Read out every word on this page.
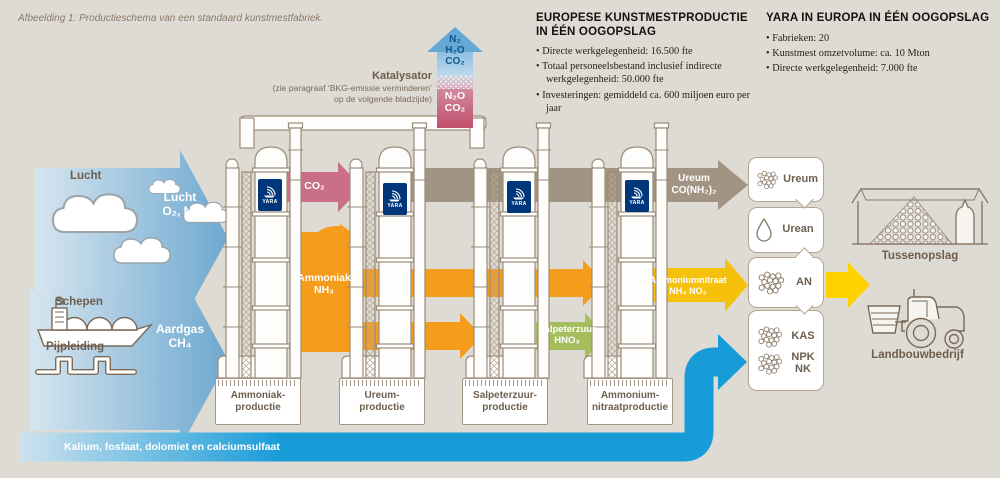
Afbeelding 1: Productieschema van een standaard kunstmestfabriek.	EUROPESE KUNSTMESTPRODUCTIE IN ÉÉN OOGOPSLAG
• Directe werkgelegenheid: 16.500 fte
• Totaal personeelsbestand inclusief indirecte werkgelegenheid: 50.000 fte
• Investeringen: gemiddeld ca. 600 miljoen euro per jaar
YARA IN EUROPA IN ÉÉN OOGOPSLAG
• Fabrieken: 20
• Kunstmest omzetvolume: ca. 10 Mton
• Directe werkgelegenheid: 7.000 fte
Katalysator
(zie paragraaf ‘BKG-emissie verminderen’
op de volgende bladzijde)
N₂
H₂O
CO₂
N₂O
CO₂
Lucht
Lucht
O₂, N₂
Schepen
Pijpleiding
Aardgas
CH₄
Kalium, fosfaat, dolomiet en calciumsulfaat
CO₂
Ammoniak
NH₃
Ureum
CO(NH₂)₂
Salpeterzuur
HNO₃
Ammoniumnitraat
NH₄ NO₃
Ammoniak-
productie
Ureum-
productie
Salpeterzuur-
productie
Ammonium-
nitraatproductie
YARA
YARA	YARA	YARA
Ureum
Urean
AN
KAS
NPK
NK
Tussenopslag
Landbouwbedrijf
